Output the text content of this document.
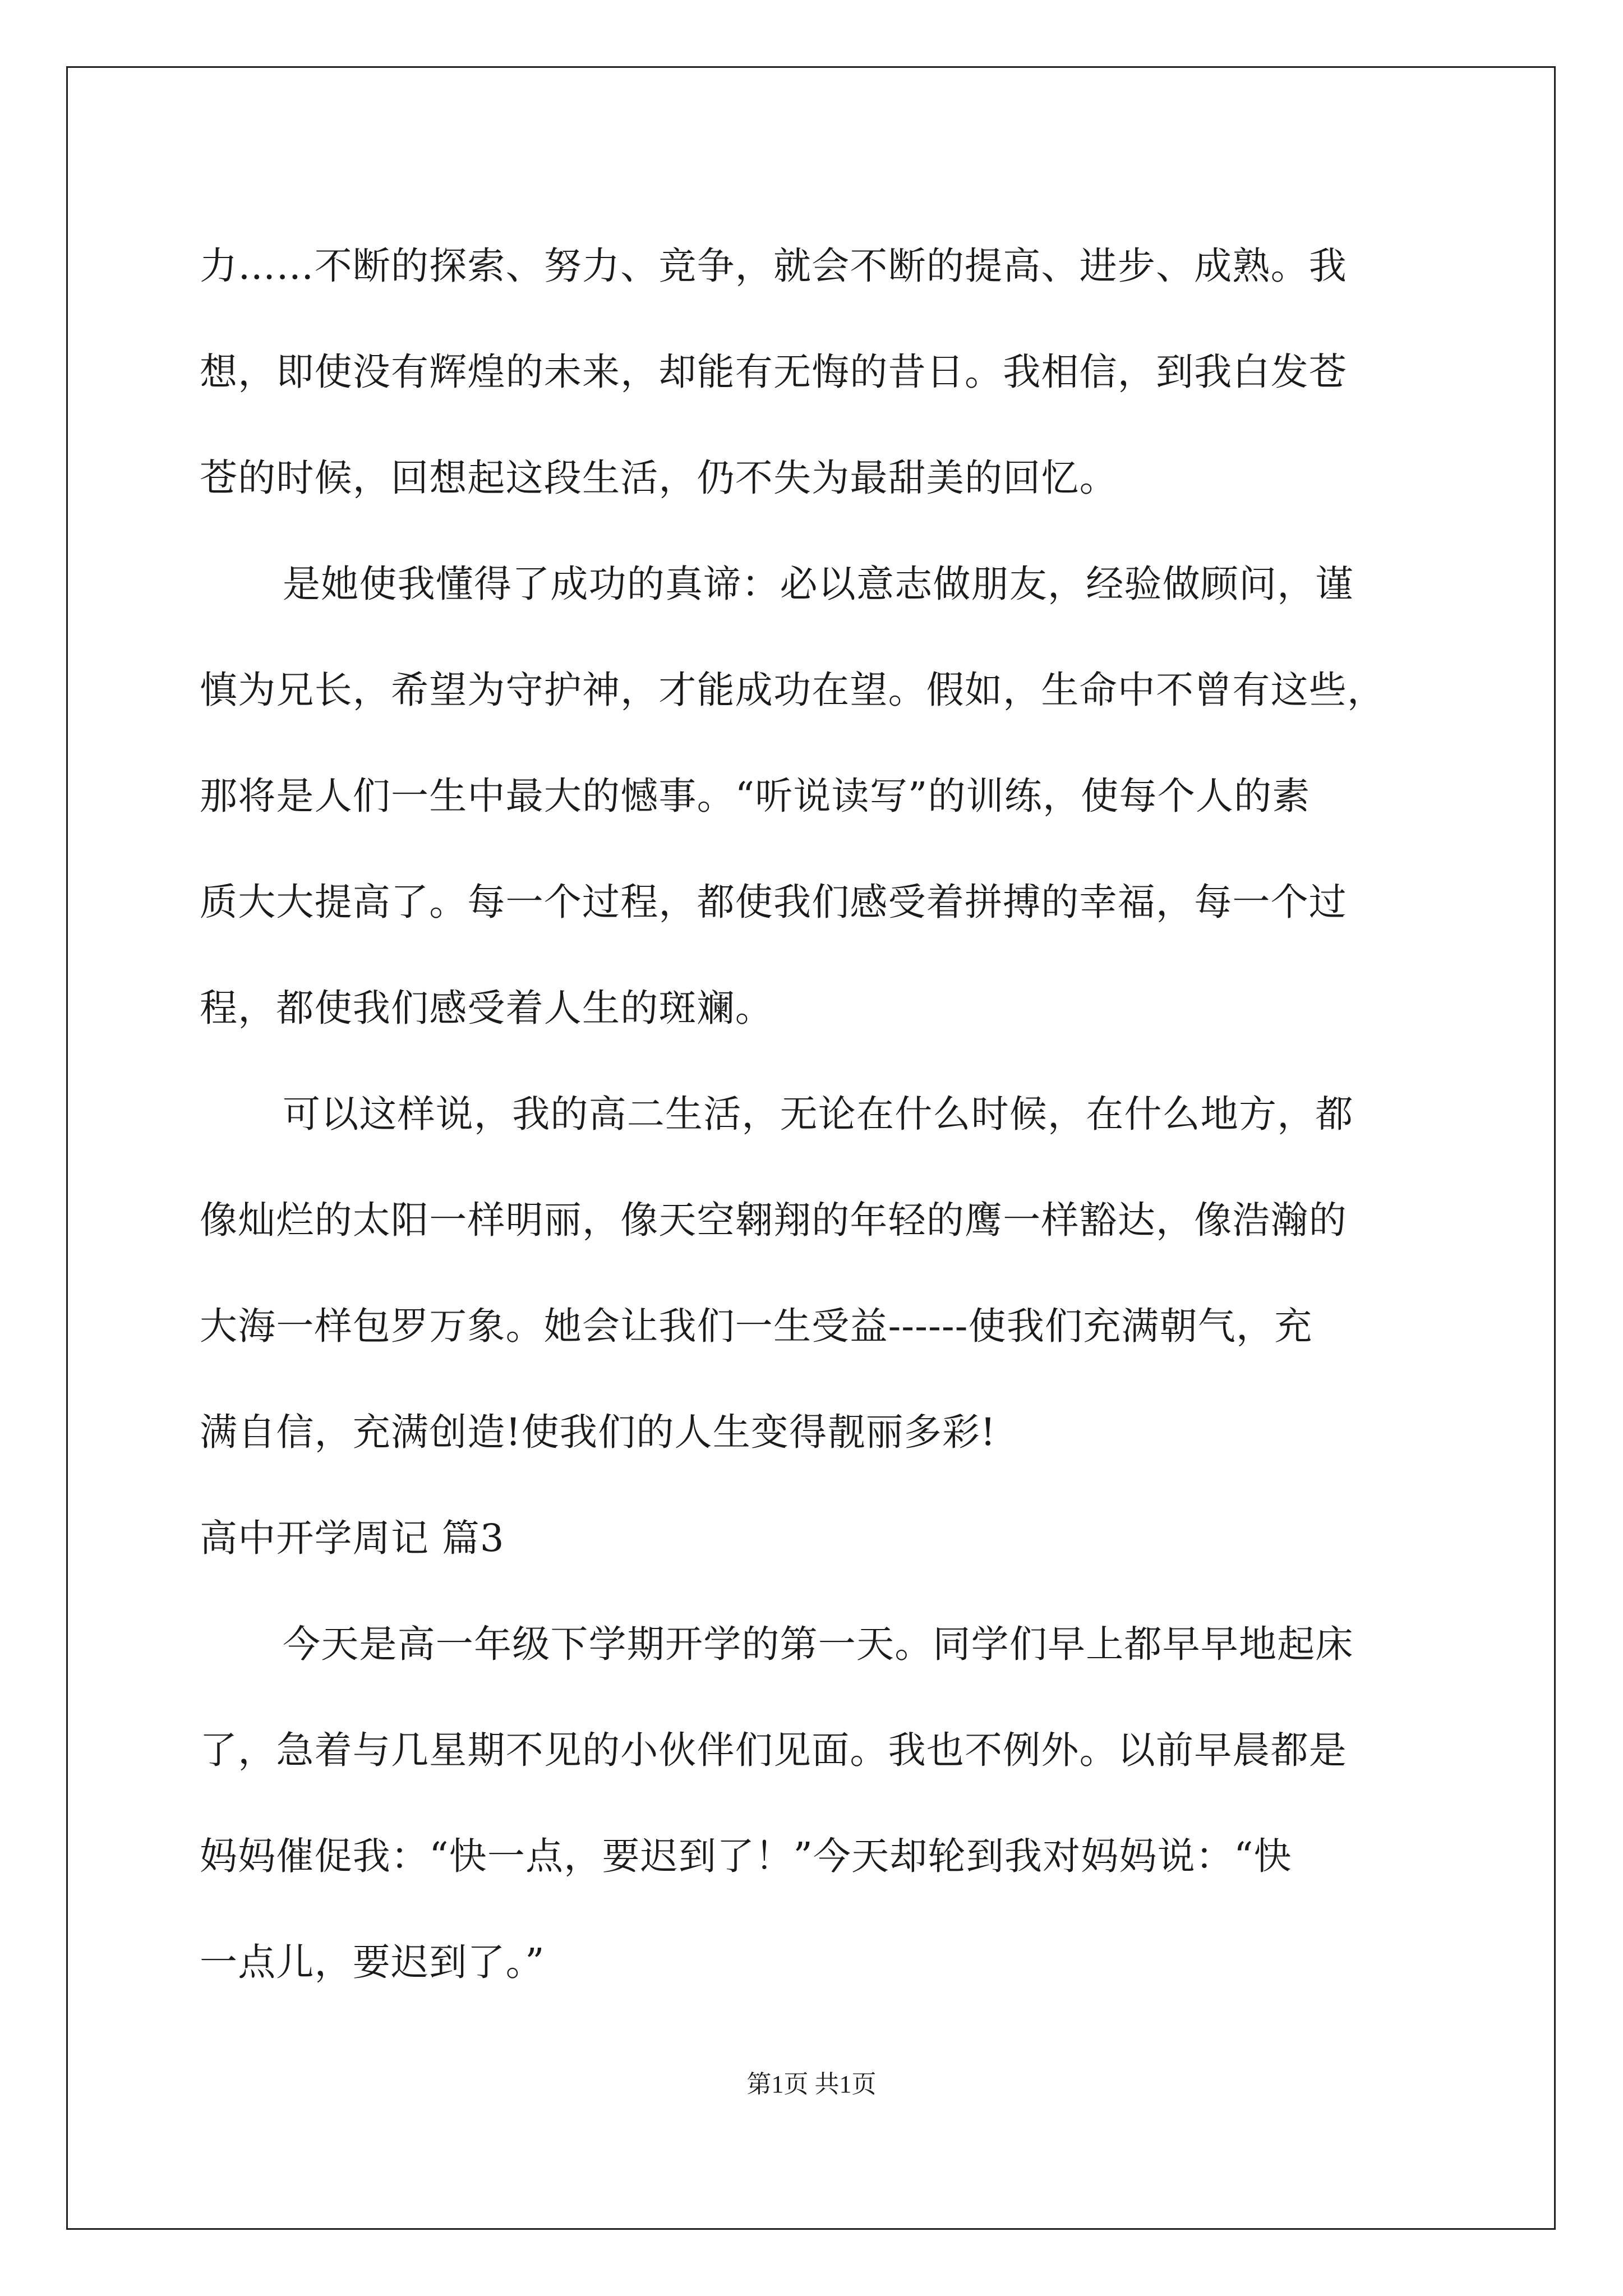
力……不断的探索、努力、竞争，就会不断的提高、进步、成熟。我
想，即使没有辉煌的未来，却能有无悔的昔日。我相信，到我白发苍
苍的时候，回想起这段生活，仍不失为最甜美的回忆。
是她使我懂得了成功的真谛：必以意志做朋友，经验做顾问，谨
慎为兄长，希望为守护神，才能成功在望。假如，生命中不曾有这些，
那将是人们一生中最大的憾事。“听说读写”的训练，使每个人的素
质大大提高了。每一个过程，都使我们感受着拼搏的幸福，每一个过
程，都使我们感受着人生的斑斓。
可以这样说，我的高二生活，无论在什么时候，在什么地方，都
像灿烂的太阳一样明丽，像天空翱翔的年轻的鹰一样豁达，像浩瀚的
大海一样包罗万象。她会让我们一生受益------使我们充满朝气，充
满自信，充满创造!使我们的人生变得靓丽多彩!
高中开学周记 篇3
今天是高一年级下学期开学的第一天。同学们早上都早早地起床
了，急着与几星期不见的小伙伴们见面。我也不例外。以前早晨都是
妈妈催促我：“快一点，要迟到了！”今天却轮到我对妈妈说：“快
一点儿，要迟到了。”
第1页 共1页
